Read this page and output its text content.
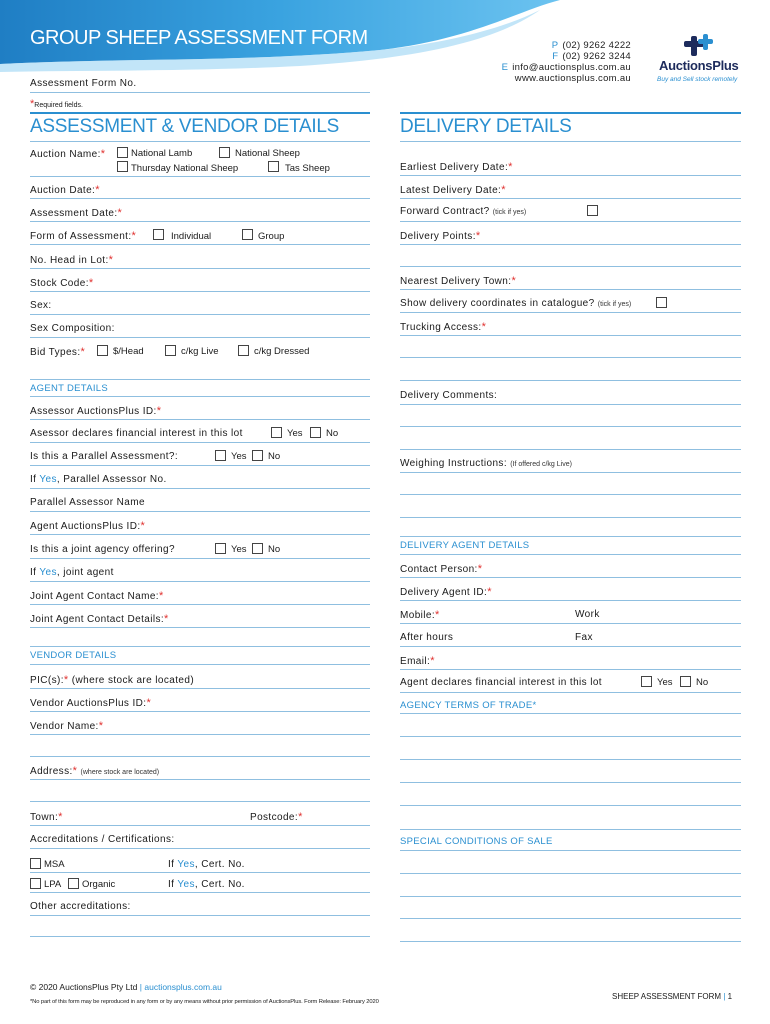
GROUP SHEEP ASSESSMENT FORM	P (02) 9262 4222
F (02) 9262 3244
E info@auctionsplus.com.au
www.auctionsplus.com.au
AuctionsPlus
Buy and Sell stock remotely
Assessment Form No.
*Required fields.
ASSESSMENT & VENDOR DETAILS	DELIVERY DETAILS
Auction Name:*	National Lamb	National Sheep
Thursday National Sheep	Tas Sheep
Auction Date:*
Assessment Date:*
Form of Assessment:*	Individual	Group
No. Head in Lot:*
Stock Code:*
Sex:
Sex Composition:
Bid Types:*	$/Head	c/kg Live	c/kg Dressed
AGENT DETAILS
Assessor AuctionsPlus ID:*
Asessor declares financial interest in this lot	Yes No
Is this a Parallel Assessment?:	Yes No
If Yes, Parallel Assessor No.
Parallel Assessor Name
Agent AuctionsPlus ID:*
Is this a joint agency offering?	Yes No
If Yes, joint agent
Joint Agent Contact Name:*
Joint Agent Contact Details:*
VENDOR DETAILS
PIC(s):* (where stock are located)
Vendor AuctionsPlus ID:*
Vendor Name:*
Address:* (where stock are located)
Town:*	Postcode:*
Accreditations / Certifications:
MSA	If Yes, Cert. No.
LPA Organic	If Yes, Cert. No.
Other accreditations:
Earliest Delivery Date:*
Latest Delivery Date:*
Forward Contract? (tick if yes)
Delivery Points:*
Nearest Delivery Town:*
Show delivery coordinates in catalogue? (tick if yes)
Trucking Access:*
Delivery Comments:
Weighing Instructions: (If offered c/kg Live)
DELIVERY AGENT DETAILS
Contact Person:*
Delivery Agent ID:*
Mobile:*	Work
After hours	Fax
Email:*
Agent declares financial interest in this lot	Yes No
AGENCY TERMS OF TRADE*
SPECIAL CONDITIONS OF SALE
© 2020 AuctionsPlus Pty Ltd | auctionsplus.com.au
*No part of this form may be reproduced in any form or by any means without prior permission of AuctionsPlus. Form Release: February 2020
SHEEP ASSESSMENT FORM | 1
